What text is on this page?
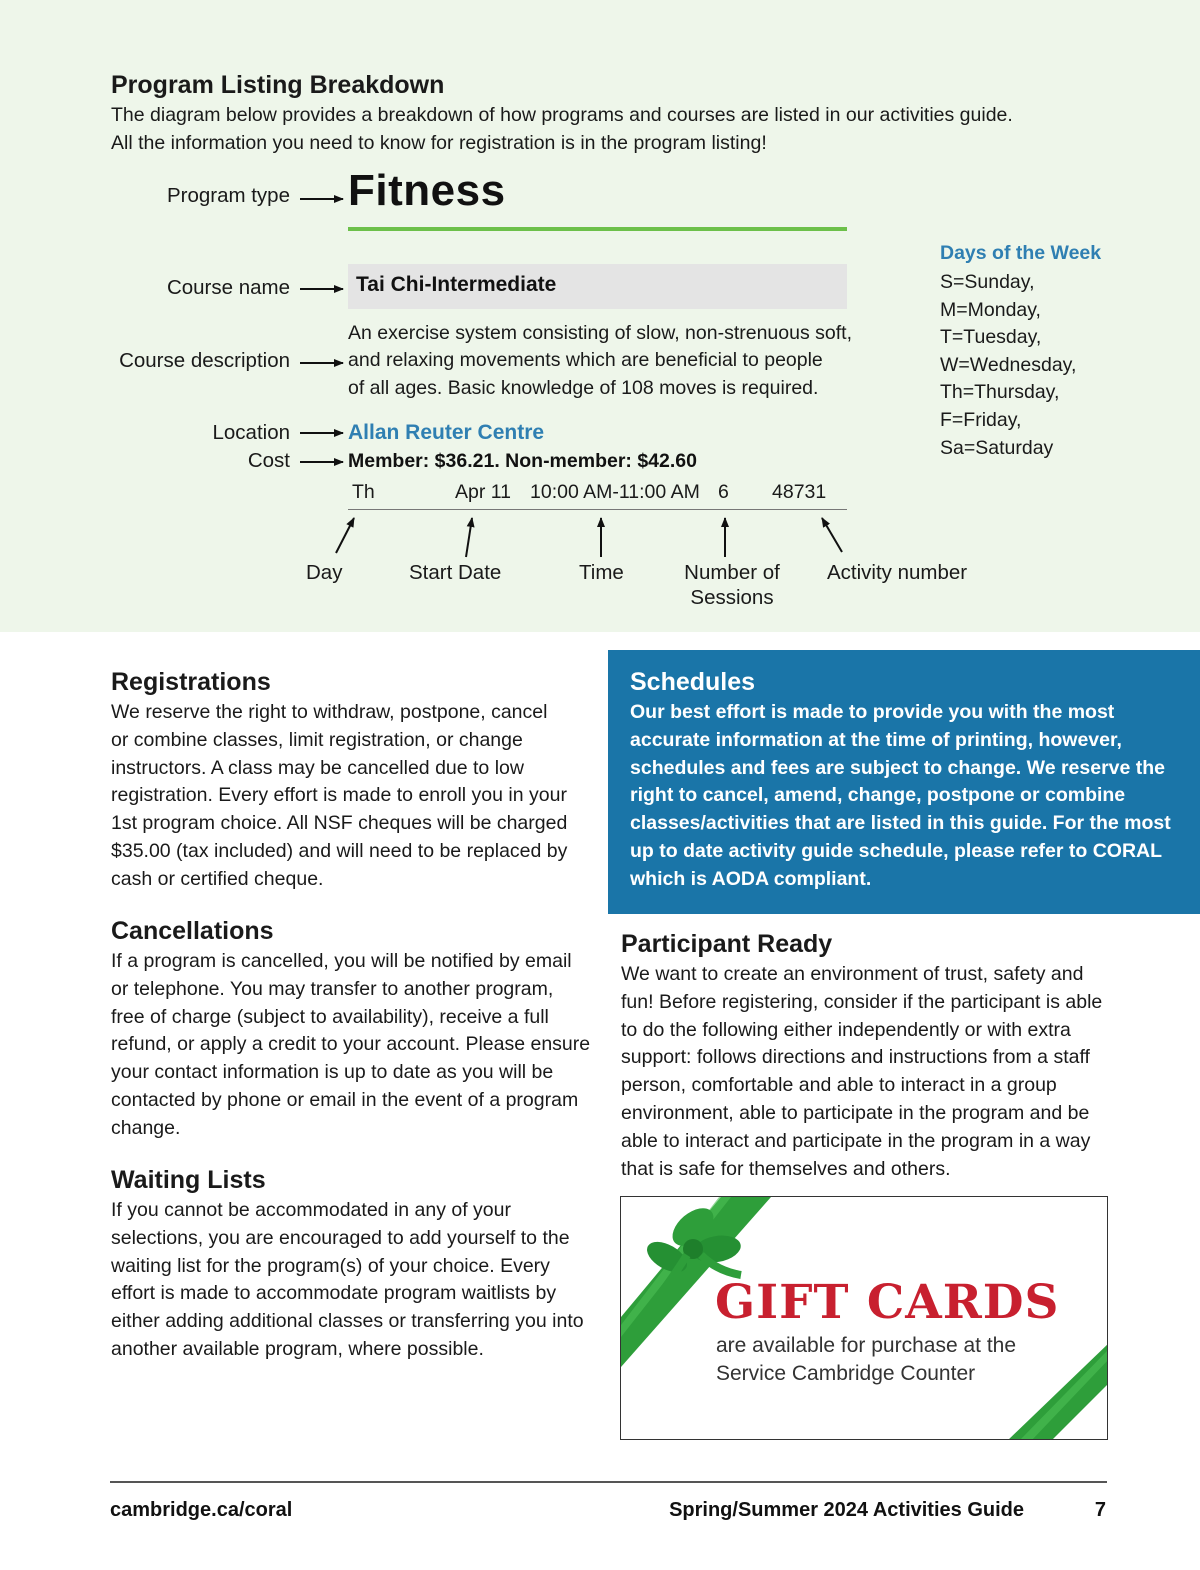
Program Listing Breakdown
The diagram below provides a breakdown of how programs and courses are listed in our activities guide.
All the information you need to know for registration is in the program listing!
Program type
Course name
Course description
Location
Cost
Fitness
Tai Chi-Intermediate
An exercise system consisting of slow, non-strenuous soft,
and relaxing movements which are beneficial to people
of all ages. Basic knowledge of 108 moves is required.
Allan Reuter Centre
Member: $36.21. Non-member: $42.60
Th	Apr 11 10:00 AM-11:00 AM 6 48731
Day	Start Date	Time	Number of
Sessions
Activity number
Days of the Week
S=Sunday,
M=Monday,
T=Tuesday,
W=Wednesday,
Th=Thursday,
F=Friday,
Sa=Saturday
Registrations
We reserve the right to withdraw, postpone, cancel
or combine classes, limit registration, or change
instructors. A class may be cancelled due to low
registration. Every effort is made to enroll you in your
1st program choice. All NSF cheques will be charged
$35.00 (tax included) and will need to be replaced by
cash or certified cheque.
Cancellations
If a program is cancelled, you will be notified by email
or telephone. You may transfer to another program,
free of charge (subject to availability), receive a full
refund, or apply a credit to your account. Please ensure
your contact information is up to date as you will be
contacted by phone or email in the event of a program
change.
Waiting Lists
If you cannot be accommodated in any of your
selections, you are encouraged to add yourself to the
waiting list for the program(s) of your choice. Every
effort is made to accommodate program waitlists by
either adding additional classes or transferring you into
another available program, where possible.
Schedules
Our best effort is made to provide you with the most
accurate information at the time of printing, however,
schedules and fees are subject to change. We reserve the
right to cancel, amend, change, postpone or combine
classes/activities that are listed in this guide. For the most
up to date activity guide schedule, please refer to CORAL
which is AODA compliant.
Participant Ready
We want to create an environment of trust, safety and
fun! Before registering, consider if the participant is able
to do the following either independently or with extra
support: follows directions and instructions from a staff
person, comfortable and able to interact in a group
environment, able to participate in the program and be
able to interact and participate in the program in a way
that is safe for themselves and others.
GIFT CARDS
are available for purchase at the
Service Cambridge Counter
cambridge.ca/coral	Spring/Summer 2024 Activities Guide	7
